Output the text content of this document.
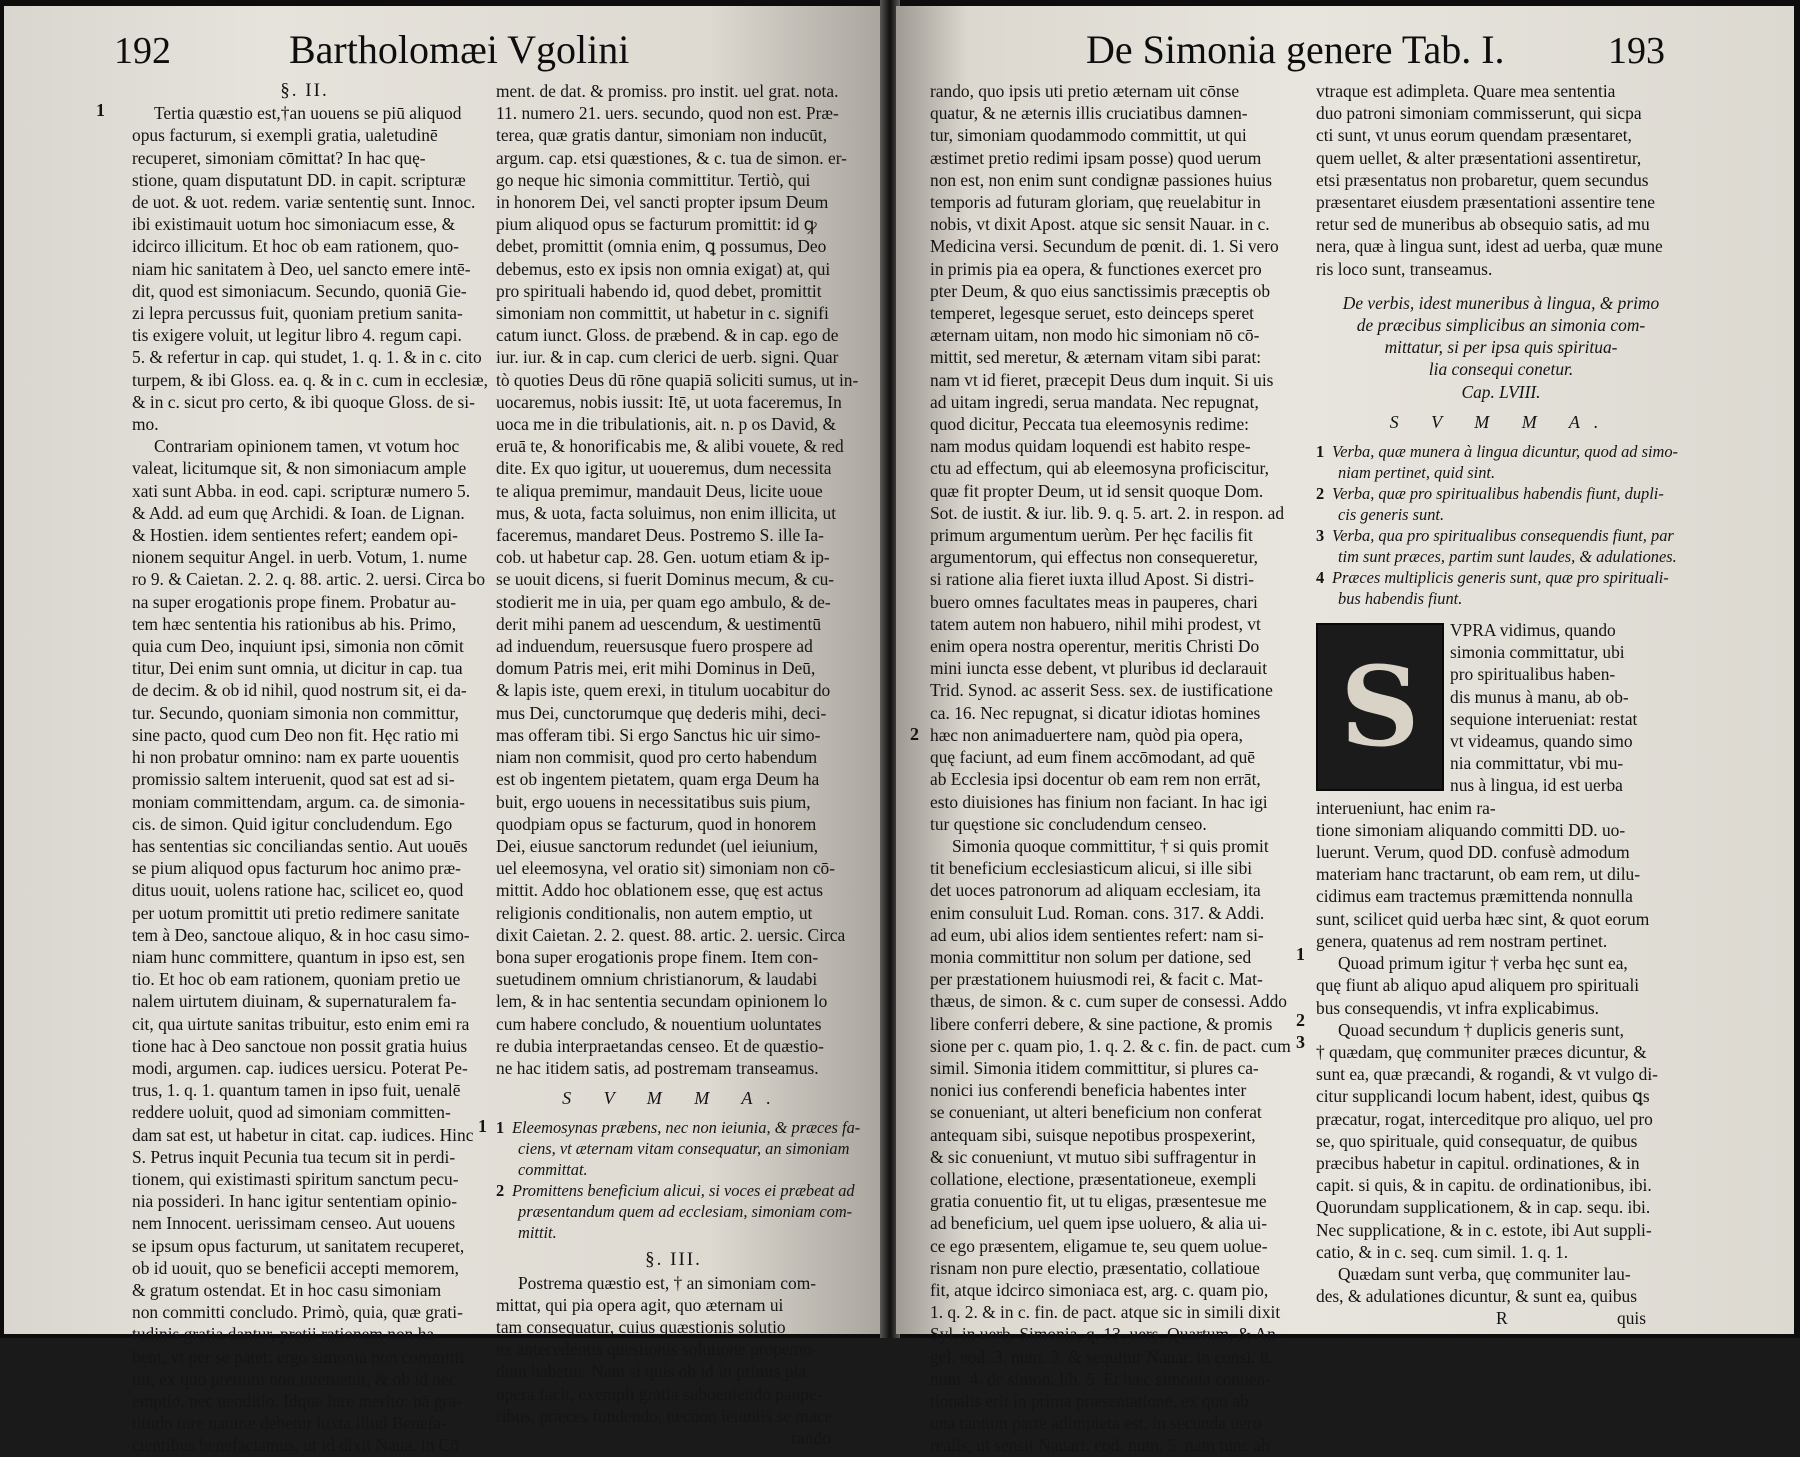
192	Bartholomæi Vgolini
§. II.
Tertia quæstio est,†an uouens se piū aliquod
opus facturum, si exempli gratia, ualetudinē
recuperet, simoniam cōmittat? In hac quę-
stione, quam disputatunt DD. in capit. scripturæ
de uot. & uot. redem. variæ sententię sunt. Innoc.
ibi existimauit uotum hoc simoniacum esse, &
idcirco illicitum. Et hoc ob eam rationem, quo-
niam hic sanitatem à Deo, uel sancto emere intē-
dit, quod est simoniacum. Secundo, quoniā Gie-
zi lepra percussus fuit, quoniam pretium sanita-
tis exigere voluit, ut legitur libro 4. regum capi.
5. & refertur in cap. qui studet, 1. q. 1. & in c. cito
turpem, & ibi Gloss. ea. q. & in c. cum in ecclesiæ,
& in c. sicut pro certo, & ibi quoque Gloss. de si-
mo.
Contrariam opinionem tamen, vt votum hoc
valeat, licitumque sit, & non simoniacum ample
xati sunt Abba. in eod. capi. scripturæ numero 5.
& Add. ad eum quę Archidi. & Ioan. de Lignan.
& Hostien. idem sentientes refert; eandem opi-
nionem sequitur Angel. in uerb. Votum, 1. nume
ro 9. & Caietan. 2. 2. q. 88. artic. 2. uersi. Circa bo
na super erogationis prope finem. Probatur au-
tem hæc sententia his rationibus ab his. Primo,
quia cum Deo, inquiunt ipsi, simonia non cōmit
titur, Dei enim sunt omnia, ut dicitur in cap. tua
de decim. & ob id nihil, quod nostrum sit, ei da-
tur. Secundo, quoniam simonia non committur,
sine pacto, quod cum Deo non fit. Hęc ratio mi
hi non probatur omnino: nam ex parte uouentis
promissio saltem interuenit, quod sat est ad si-
moniam committendam, argum. ca. de simonia-
cis. de simon. Quid igitur concludendum. Ego
has sententias sic conciliandas sentio. Aut uouēs
se pium aliquod opus facturum hoc animo præ-
ditus uouit, uolens ratione hac, scilicet eo, quod
per uotum promittit uti pretio redimere sanitate
tem à Deo, sanctoue aliquo, & in hoc casu simo-
niam hunc committere, quantum in ipso est, sen
tio. Et hoc ob eam rationem, quoniam pretio ue
nalem uirtutem diuinam, & supernaturalem fa-
cit, qua uirtute sanitas tribuitur, esto enim emi ra
tione hac à Deo sanctoue non possit gratia huius
modi, argumen. cap. iudices uersicu. Poterat Pe-
trus, 1. q. 1. quantum tamen in ipso fuit, uenalē
reddere uoluit, quod ad simoniam committen-
dam sat est, ut habetur in citat. cap. iudices. Hinc
S. Petrus inquit Pecunia tua tecum sit in perdi-
tionem, qui existimasti spiritum sanctum pecu-
nia possideri. In hanc igitur sententiam opinio-
nem Innocent. uerissimam censeo. Aut uouens
se ipsum opus facturum, ut sanitatem recuperet,
ob id uouit, quo se beneficii accepti memorem,
& gratum ostendat. Et in hoc casu simoniam
non committi concludo. Primò, quia, quæ grati-
tudinis gratia dantur, pretii rationem non ha-
bent, vt per se patet: ergo simonia non committi
tur, ex quo pretium non interuenit, & ob id nec
emptio, nec uenditio. Idque iure merito: nā gra-
titudo iure naturæ debetur iuxta illud Benefa-
cientibus benefaciamus, ut id dixit Naua. in Cō
1
ment. de dat. & promiss. pro instit. uel grat. nota.
11. numero 21. uers. secundo, quod non est. Præ-
terea, quæ gratis dantur, simoniam non inducūt,
argum. cap. etsi quæstiones, & c. tua de simon. er-
go neque hic simonia committitur. Tertiò, qui
in honorem Dei, vel sancti propter ipsum Deum
pium aliquod opus se facturum promittit: id ꝙ
debet, promittit (omnia enim, ꝗ possumus, Deo
debemus, esto ex ipsis non omnia exigat) at, qui
pro spirituali habendo id, quod debet, promittit
simoniam non committit, ut habetur in c. signifi
catum iunct. Gloss. de præbend. & in cap. ego de
iur. iur. & in cap. cum clerici de uerb. signi. Quar
tò quoties Deus dū rōne quapiā soliciti sumus, ut in-
uocaremus, nobis iussit: Itē, ut uota faceremus, In
uoca me in die tribulationis, ait. n. p os David, &
eruā te, & honorificabis me, & alibi vouete, & red
dite. Ex quo igitur, ut uoueremus, dum necessita
te aliqua premimur, mandauit Deus, licite uoue
mus, & uota, facta soluimus, non enim illicita, ut
faceremus, mandaret Deus. Postremo S. ille Ia-
cob. ut habetur cap. 28. Gen. uotum etiam & ip-
se uouit dicens, si fuerit Dominus mecum, & cu-
stodierit me in uia, per quam ego ambulo, & de-
derit mihi panem ad uescendum, & uestimentū
ad induendum, reuersusque fuero prospere ad
domum Patris mei, erit mihi Dominus in Deū,
& lapis iste, quem erexi, in titulum uocabitur do
mus Dei, cunctorumque quę dederis mihi, deci-
mas offeram tibi. Si ergo Sanctus hic uir simo-
niam non commisit, quod pro certo habendum
est ob ingentem pietatem, quam erga Deum ha
buit, ergo uouens in necessitatibus suis pium,
quodpiam opus se facturum, quod in honorem
Dei, eiusue sanctorum redundet (uel ieiunium,
uel eleemosyna, vel oratio sit) simoniam non cō-
mittit. Addo hoc oblationem esse, quę est actus
religionis conditionalis, non autem emptio, ut
dixit Caietan. 2. 2. quest. 88. artic. 2. uersic. Circa
bona super erogationis prope finem. Item con-
suetudinem omnium christianorum, & laudabi
lem, & in hac sententia secundam opinionem lo
cum habere concludo, & nouentium uoluntates
re dubia interpraetandas censeo. Et de quæstio-
ne hac itidem satis, ad postremam transeamus.
S V M M A.
1 Eleemosynas præbens, nec non ieiunia, & præces fa-
ciens, vt æternam vitam consequatur, an simoniam
committat.
2 Promittens beneficium alicui, si voces ei præbeat ad
præsentandum quem ad ecclesiam, simoniam com-
mittit.
§. III.
Postrema quæstio est, † an simoniam com-
mittat, qui pia opera agit, quo æternam ui
tam consequatur, cuius quæstionis solutio
ex antecedentis questionis solutione propemo-
dum habetur. Nam si quis ob id in primis pia
opera facit, exempli gratia subueniendo paupe-
ribus, præces fundendo, necnon ieiuniis se mace
rando
1
De Simonia genere Tab. I.	193
rando, quo ipsis uti pretio æternam uit cōnse
quatur, & ne æternis illis cruciatibus damnen-
tur, simoniam quodammodo committit, ut qui
æstimet pretio redimi ipsam posse) quod uerum
non est, non enim sunt condignæ passiones huius
temporis ad futuram gloriam, quę reuelabitur in
nobis, vt dixit Apost. atque sic sensit Nauar. in c.
Medicina versi. Secundum de pœnit. di. 1. Si vero
in primis pia ea opera, & functiones exercet pro
pter Deum, & quo eius sanctissimis præceptis ob
temperet, legesque seruet, esto deinceps speret
æternam uitam, non modo hic simoniam nō cō-
mittit, sed meretur, & æternam vitam sibi parat:
nam vt id fieret, præcepit Deus dum inquit. Si uis
ad uitam ingredi, serua mandata. Nec repugnat,
quod dicitur, Peccata tua eleemosynis redime:
nam modus quidam loquendi est habito respe-
ctu ad effectum, qui ab eleemosyna proficiscitur,
quæ fit propter Deum, ut id sensit quoque Dom.
Sot. de iustit. & iur. lib. 9. q. 5. art. 2. in respon. ad
primum argumentum uerùm. Per hęc facilis fit
argumentorum, qui effectus non consequeretur,
si ratione alia fieret iuxta illud Apost. Si distri-
buero omnes facultates meas in pauperes, chari
tatem autem non habuero, nihil mihi prodest, vt
enim opera nostra operentur, meritis Christi Do
mini iuncta esse debent, vt pluribus id declarauit
Trid. Synod. ac asserit Sess. sex. de iustificatione
ca. 16. Nec repugnat, si dicatur idiotas homines
hæc non animaduertere nam, quòd pia opera,
quę faciunt, ad eum finem accōmodant, ad quē
ab Ecclesia ipsi docentur ob eam rem non errāt,
esto diuisiones has finium non faciant. In hac igi
tur quęstione sic concludendum censeo.
Simonia quoque committitur, † si quis promit
tit beneficium ecclesiasticum alicui, si ille sibi
det uoces patronorum ad aliquam ecclesiam, ita
enim consuluit Lud. Roman. cons. 317. & Addi.
ad eum, ubi alios idem sentientes refert: nam si-
monia committitur non solum per datione, sed
per præstationem huiusmodi rei, & facit c. Mat-
thæus, de simon. & c. cum super de consessi. Addo
libere conferri debere, & sine pactione, & promis
sione per c. quam pio, 1. q. 2. & c. fin. de pact. cum
simil. Simonia itidem committitur, si plures ca-
nonici ius conferendi beneficia habentes inter
se conueniant, ut alteri beneficium non conferat
antequam sibi, suisque nepotibus prospexerint,
& sic conueniunt, vt mutuo sibi suffragentur in
collatione, electione, præsentationeue, exempli
gratia conuentio fit, ut tu eligas, præsentesue me
ad beneficium, uel quem ipse uoluero, & alia ui-
ce ego præsentem, eligamue te, seu quem uolue-
risnam non pure electio, præsentatio, collatioue
fit, atque idcirco simoniaca est, arg. c. quam pio,
1. q. 2. & in c. fin. de pact. atque sic in simili dixit
Syl. in uerb. Simonia, q. 13. uers. Quartum, & An-
gel. eod. 3. num. 3. & sequitur Nauar. in consi. 8.
num. 4. de simon. lib. 5. Et hæc simonia conuen-
tionalis erit in prima præsentatione, ex quo ab
una tantum parte adimpleta est, in secunda uero
realis, ut sensit Nauarr. eod. num. 5. nam tunc ab
2
vtraque est adimpleta. Quare mea sententia
duo patroni simoniam commisserunt, qui sicpa
cti sunt, vt unus eorum quendam præsentaret,
quem uellet, & alter præsentationi assentiretur,
etsi præsentatus non probaretur, quem secundus
præsentaret eiusdem præsentationi assentire tene
retur sed de muneribus ab obsequio satis, ad mu
nera, quæ à lingua sunt, idest ad uerba, quæ mune
ris loco sunt, transeamus.
De verbis, idest muneribus à lingua, & primo
de præcibus simplicibus an simonia com-
mittatur, si per ipsa quis spiritua-
lia consequi conetur.
Cap. LVIII.
S V M M A.
1 Verba, quæ munera à lingua dicuntur, quod ad simo-
niam pertinet, quid sint.
2 Verba, quæ pro spiritualibus habendis fiunt, dupli-
cis generis sunt.
3 Verba, qua pro spiritualibus consequendis fiunt, par
tim sunt præces, partim sunt laudes, & adulationes.
4 Præces multiplicis generis sunt, quæ pro spirituali-
bus habendis fiunt.
S
VPRA vidimus, quando
simonia committatur, ubi
pro spiritualibus haben-
dis munus à manu, ab ob-
sequione interueniat: restat
vt videamus, quando simo
nia committatur, vbi mu-
nus à lingua, id est uerba
interueniunt, hac enim ra-
tione simoniam aliquando committi DD. uo-
luerunt. Verum, quod DD. confusè admodum
materiam hanc tractarunt, ob eam rem, ut dilu-
cidimus eam tractemus præmittenda nonnulla
sunt, scilicet quid uerba hæc sint, & quot eorum
genera, quatenus ad rem nostram pertinet.
Quoad primum igitur † verba hęc sunt ea,
quę fiunt ab aliquo apud aliquem pro spirituali
bus consequendis, vt infra explicabimus.
Quoad secundum † duplicis generis sunt,
† quædam, quę communiter præces dicuntur, &
sunt ea, quæ præcandi, & rogandi, & vt vulgo di-
citur supplicandi locum habent, idest, quibus ꝗs
præcatur, rogat, interceditque pro aliquo, uel pro
se, quo spirituale, quid consequatur, de quibus
præcibus habetur in capitul. ordinationes, & in
capit. si quis, & in capitu. de ordinationibus, ibi.
Quorundam supplicationem, & in cap. sequ. ibi.
Nec supplicatione, & in c. estote, ibi Aut suppli-
catio, & in c. seq. cum simil. 1. q. 1.
Quædam sunt verba, quę communiter lau-
des, & adulationes dicuntur, & sunt ea, quibus
R	quis
1
2
3
